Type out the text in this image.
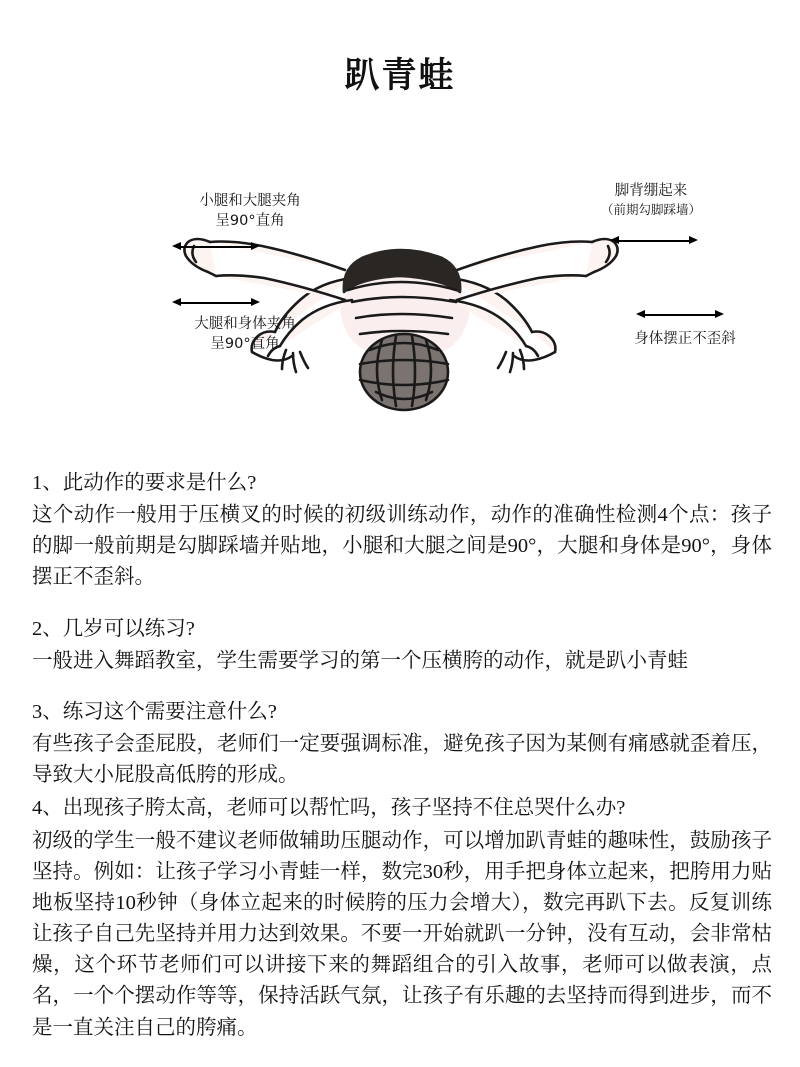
趴青蛙
小腿和大腿夹角
呈90°直角
大腿和身体夹角
呈90°直角
脚背绷起来
（前期勾脚踩墙）
身体摆正不歪斜

1、此动作的要求是什么?

这个动作一般用于压横叉的时候的初级训练动作，动作的准确性检测4个点：孩子的脚一般前期是勾脚踩墙并贴地，小腿和大腿之间是90°，大腿和身体是90°，身体摆正不歪斜。

2、几岁可以练习?

一般进入舞蹈教室，学生需要学习的第一个压横胯的动作，就是趴小青蛙

3、练习这个需要注意什么?

有些孩子会歪屁股，老师们一定要强调标准，避免孩子因为某侧有痛感就歪着压，导致大小屁股高低胯的形成。

4、出现孩子胯太高，老师可以帮忙吗，孩子坚持不住总哭什么办?

初级的学生一般不建议老师做辅助压腿动作，可以增加趴青蛙的趣味性，鼓励孩子坚持。例如：让孩子学习小青蛙一样，数完30秒，用手把身体立起来，把胯用力贴地板坚持10秒钟（身体立起来的时候胯的压力会增大），数完再趴下去。反复训练让孩子自己先坚持并用力达到效果。不要一开始就趴一分钟，没有互动，会非常枯燥，这个环节老师们可以讲接下来的舞蹈组合的引入故事，老师可以做表演，点名，一个个摆动作等等，保持活跃气氛，让孩子有乐趣的去坚持而得到进步，而不是一直关注自己的胯痛。
